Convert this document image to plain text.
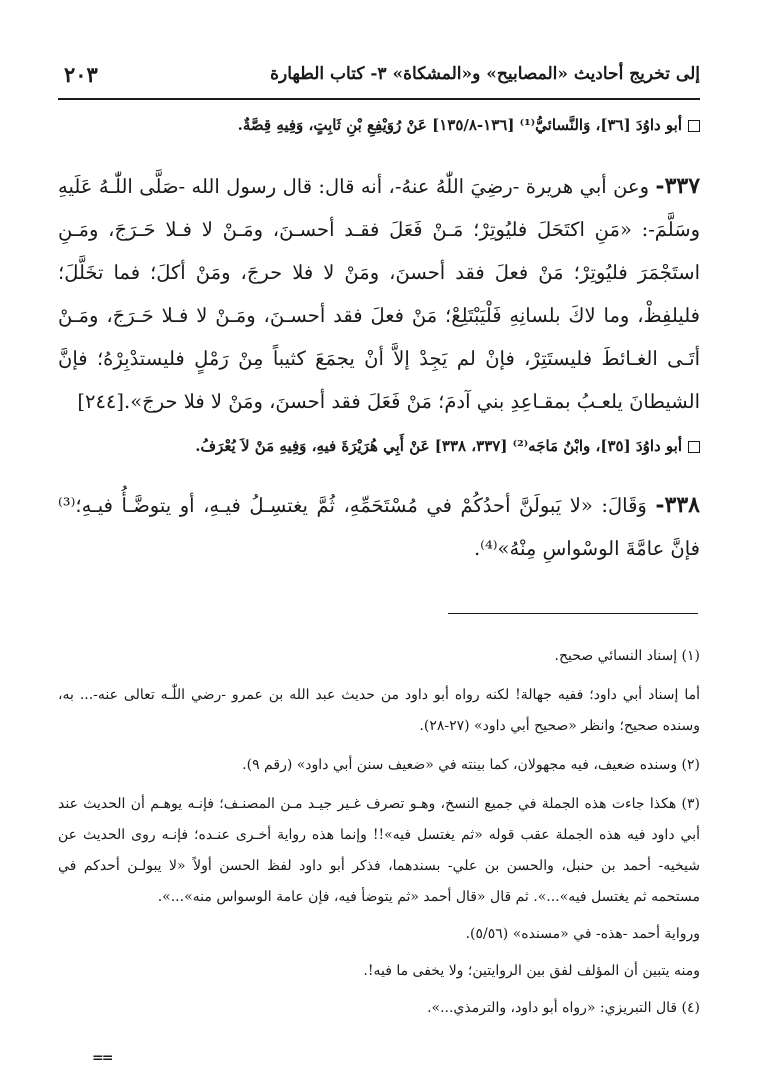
إلى تخريج أحاديث «المصابيح» و«المشكاة» ٣- كتاب الطهارة
٢٠٣
أبو داوُدَ [٣٦]، وَالنَّسائيُّ⁽¹⁾ [١٣٦-١٣٥/٨] عَنْ رُوَيْفِعِ بْنِ ثَابِتٍ، وَفِيهِ قِصَّةٌ.
٣٣٧- وعن أبي هريرة -رضِيَ اللّٰهُ عنهُ-، أنه قال: قال رسول الله -صَلَّى اللّٰـهُ عَلَيهِ وسَلَّمَ-: «مَنِ اكتَحَلَ فليُوتِرْ؛ مَـنْ فَعَلَ فقـد أحسـنَ، ومَـنْ لا فـلا حَـرَجَ، ومَـنِ استَجْمَرَ فليُوتِرْ؛ مَنْ فعلَ فقد أحسنَ، ومَنْ لا فلا حرجَ، ومَنْ أكلَ؛ فما تخَلَّلَ؛ فليلفِظْ، وما لاكَ بلسانِهِ فَلْيَبْتَلِعْ؛ مَنْ فعلَ فقد أحسـنَ، ومَـنْ لا فـلا حَـرَجَ، ومَـنْ أتَـى الغـائطَ فليستَتِرْ، فإنْ لم يَجِدْ إلاَّ أنْ يجمَعَ كثيباً مِنْ رَمْلٍ فليستدْبِرْهُ؛ فإنَّ الشيطانَ يلعـبُ بمقـاعِدِ بني آدمَ؛ مَنْ فَعَلَ فقد أحسنَ، ومَنْ لا فلا حرجَ».[٢٤٤]
أبو داوُدَ [٣٥]، وابْنُ مَاجَه⁽²⁾ [٣٣٧، ٣٣٨] عَنْ أَبِي هُرَيْرَةَ فيهِ، وَفِيهِ مَنْ لاَ يُعْرَفُ.
٣٣٨- وَقَالَ: «لا يَبولَنَّ أحدُكُمْ في مُسْتَحَمِّهِ، ثُمَّ يغتسِـلُ فيـهِ، أو يتوضَّـأُ فيـهِ؛⁽³⁾ فإنَّ عامَّةَ الوسْواسِ مِنْهُ»⁽⁴⁾.
(١) إسناد النسائي صحيح.
أما إسناد أبي داود؛ ففيه جهالة! لكنه رواه أبو داود من حديث عبد الله بن عمرو -رضي اللّٰـه تعالى عنه-... به، وسنده صحيح؛ وانظر «صحيح أبي داود» (٢٧-٢٨).
(٢) وسنده ضعيف، فيه مجهولان، كما بينته في «ضعيف سنن أبي داود» (رقم ٩).
(٣) هكذا جاءت هذه الجملة في جميع النسخ، وهـو تصرف غـير جيـد مـن المصنـف؛ فإنـه يوهـم أن الحديث عند أبي داود فيه هذه الجملة عقب قوله «ثم يغتسل فيه»!! وإنما هذه رواية أخـرى عنـده؛ فإنـه روى الحديث عن شيخيه- أحمد بن حنبل، والحسن بن علي- بسندهما، فذكر أبو داود لفظ الحسن أولاً «لا يبولـن أحدكم في مستحمه ثم يغتسل فيه»...». ثم قال «قال أحمد «ثم يتوضأ فيه، فإن عامة الوسواس منه»...».
ورواية أحمد -هذه- في «مسنده» (٥/٥٦).
ومنه يتبين أن المؤلف لفق بين الروايتين؛ ولا يخفى ما فيه!.
(٤) قال التبريزي: «رواه أبو داود، والترمذي...».
==
